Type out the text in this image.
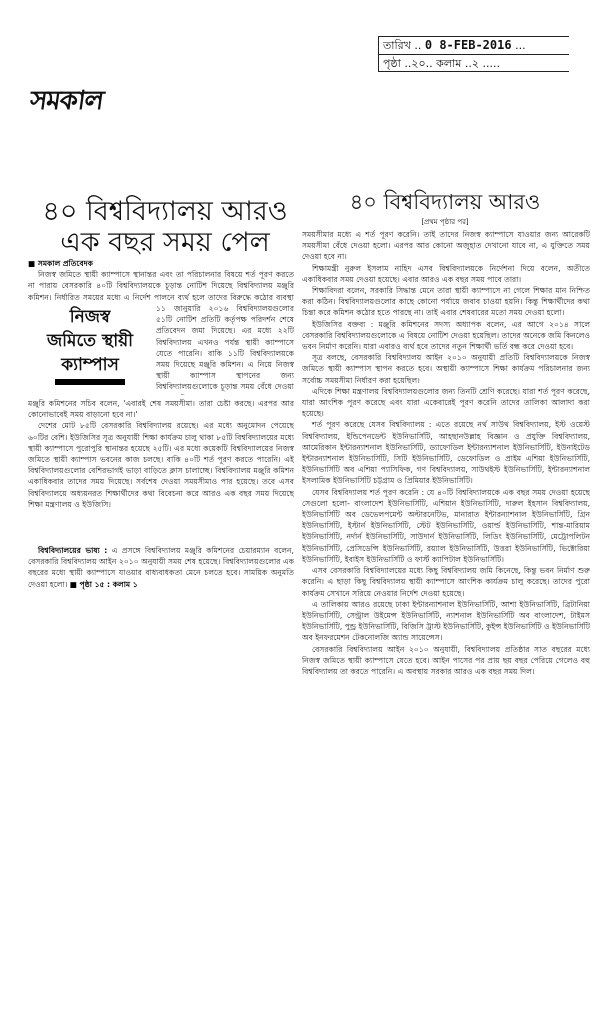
তারিখ .. 0 8-FEB-2016 ...
পৃষ্ঠা ..২০.. কলাম ..২ .....
সমকাল
৪০ বিশ্ববিদ্যালয় আরও
এক বছর সময় পেল

■ সমকাল প্রতিবেদক

নিজস্ব জমিতে স্থায়ী ক্যাম্পাসে স্থানান্তর এবং তা পরিচালনার বিষয়ে শর্ত পূরণ করতে না পারায় বেসরকারি ৪০টি বিশ্ববিদ্যালয়কে চূড়ান্ত নোটিশ দিয়েছে বিশ্ববিদ্যালয় মঞ্জুরি কমিশন। নির্ধারিত সময়ের মধ্যে এ নির্দেশ পালনে ব্যর্থ হলে তাদের বিরুদ্ধে কঠোর ব্যবস্থা

নিজস্ব
জমিতে স্থায়ী
ক্যাম্পাস

১১ জানুয়ারি ২০১৬ বিশ্ববিদ্যালয়গুলোর ৫১টি নোটিশ প্রতিটি কর্তৃপক্ষ পরিদর্শন শেষে প্রতিবেদন জমা দিয়েছে। এর মধ্যে ২২টি বিশ্ববিদ্যালয় এখনও পর্যন্ত স্থায়ী ক্যাম্পাসে যেতে পারেনি। বাকি ১১টি বিশ্ববিদ্যালয়কে সময় দিয়েছে মঞ্জুরি কমিশন। এ নিয়ে নিজস্ব স্থায়ী ক্যাম্পাস স্থাপনের জন্য বিশ্ববিদ্যালয়গুলোকে চূড়ান্ত সময় বেঁধে দেওয়া

মঞ্জুরি কমিশনের সচিব বলেন, 'এবারই শেষ সময়সীমা। তারা চেষ্টা করছে। এরপর আর কোনোভাবেই সময় বাড়ানো হবে না।'

দেশের মোট ৮৫টি বেসরকারি বিশ্ববিদ্যালয় রয়েছে। এর মধ্যে অনুমোদন পেয়েছে ৬০টির বেশি। ইউজিসির সূত্র অনুযায়ী শিক্ষা কার্যক্রম চালু থাকা ৮৫টি বিশ্ববিদ্যালয়ের মধ্যে স্থায়ী ক্যাম্পাসে পুরোপুরি স্থানান্তর হয়েছে ২৫টি। এর মধ্যে কয়েকটি বিশ্ববিদ্যালয়ের নিজস্ব জমিতে স্থায়ী ক্যাম্পাস ভবনের কাজ চলছে। বাকি ৪০টি শর্ত পূরণ করতে পারেনি। এই বিশ্ববিদ্যালয়গুলোর বেশিরভাগই ভাড়া বাড়িতে ক্লাস চালাচ্ছে। বিশ্ববিদ্যালয় মঞ্জুরি কমিশন একাধিকবার তাদের সময় দিয়েছে। সর্বশেষ দেওয়া সময়সীমাও পার হয়েছে। তবে এসব বিশ্ববিদ্যালয়ে অধ্যয়নরত শিক্ষার্থীদের কথা বিবেচনা করে আরও এক বছর সময় দিয়েছে শিক্ষা মন্ত্রণালয় ও ইউজিসি।

বিশ্ববিদ্যালয়ের ভাষ্য : এ প্রসঙ্গে বিশ্ববিদ্যালয় মঞ্জুরি কমিশনের চেয়ারম্যান বলেন, বেসরকারি বিশ্ববিদ্যালয় আইন ২০১০ অনুযায়ী সময় শেষ হয়েছে। বিশ্ববিদ্যালয়গুলোর এক বছরের মধ্যে স্থায়ী ক্যাম্পাসে যাওয়ার বাধ্যবাধকতা মেনে চলতে হবে। সাময়িক অনুমতি দেওয়া হলো। ■ পৃষ্ঠা ১৫ : কলাম ১

৪০ বিশ্ববিদ্যালয় আরও
[প্রথম পৃষ্ঠার পর]

সময়সীমার মধ্যে এ শর্ত পূরণ করেনি। তাই তাদের নিজস্ব ক্যাম্পাসে যাওয়ার জন্য আরেকটি সময়সীমা বেঁধে দেওয়া হলো। এরপর আর কোনো অজুহাত দেখানো যাবে না, এ যুক্তিতে সময় দেওয়া হবে না।

শিক্ষামন্ত্রী নুরুল ইসলাম নাহিদ এসব বিশ্ববিদ্যালয়কে নির্দেশনা দিয়ে বলেন, অতীতে একাধিকবার সময় দেওয়া হয়েছে। এবার আরও এক বছর সময় পাবে তারা।

শিক্ষাবিদরা বলেন, সরকারি সিদ্ধান্ত মেনে তারা স্থায়ী ক্যাম্পাসে না গেলে শিক্ষার মান নিশ্চিত করা কঠিন। বিশ্ববিদ্যালয়গুলোর কাছে কোনো পর্যায়ে জবাব চাওয়া হয়নি। কিন্তু শিক্ষার্থীদের কথা চিন্তা করে কমিশন কঠোর হতে পারছে না। তাই এবার শেষবারের মতো সময় দেওয়া হলো।

ইউজিসির বক্তব্য : মঞ্জুরি কমিশনের সদস্য অধ্যাপক বলেন, এর আগে ২০১৪ সালে বেসরকারি বিশ্ববিদ্যালয়গুলোকে এ বিষয়ে নোটিশ দেওয়া হয়েছিল। তাদের অনেকে জমি কিনলেও ভবন নির্মাণ করেনি। যারা এবারও ব্যর্থ হবে তাদের নতুন শিক্ষার্থী ভর্তি বন্ধ করে দেওয়া হবে।

সূত্র বলছে, বেসরকারি বিশ্ববিদ্যালয় আইন ২০১০ অনুযায়ী প্রতিটি বিশ্ববিদ্যালয়কে নিজস্ব জমিতে স্থায়ী ক্যাম্পাস স্থাপন করতে হবে। অস্থায়ী ক্যাম্পাসে শিক্ষা কার্যক্রম পরিচালনার জন্য সর্বোচ্চ সময়সীমা নির্ধারণ করা হয়েছিল।

এদিকে শিক্ষা মন্ত্রণালয় বিশ্ববিদ্যালয়গুলোর জন্য তিনটি শ্রেণি করেছে। যারা শর্ত পূরণ করেছে, যারা আংশিক পূরণ করেছে এবং যারা একেবারেই পূরণ করেনি তাদের তালিকা আলাদা করা হয়েছে।

শর্ত পূরণ করেছে যেসব বিশ্ববিদ্যালয় : এতে রয়েছে নর্থ সাউথ বিশ্ববিদ্যালয়, ইস্ট ওয়েস্ট বিশ্ববিদ্যালয়, ইন্ডিপেনডেন্ট ইউনিভার্সিটি, আহছানউল্লাহ বিজ্ঞান ও প্রযুক্তি বিশ্ববিদ্যালয়, আমেরিকান ইন্টারন্যাশনাল ইউনিভার্সিটি, ড্যাফোডিল ইন্টারন্যাশনাল ইউনিভার্সিটি, ইউনাইটেড ইন্টারন্যাশনাল ইউনিভার্সিটি, সিটি ইউনিভার্সিটি, ডেফোডিল ও প্রাইম এশিয়া ইউনিভার্সিটি, ইউনিভার্সিটি অব এশিয়া প্যাসিফিক, গণ বিশ্ববিদ্যালয়, সাউথইস্ট ইউনিভার্সিটি, ইন্টারন্যাশনাল ইসলামিক ইউনিভার্সিটি চট্টগ্রাম ও প্রিমিয়ার ইউনিভার্সিটি।

যেসব বিশ্ববিদ্যালয় শর্ত পূরণ করেনি : যে ৪০টি বিশ্ববিদ্যালয়কে এক বছর সময় দেওয়া হয়েছে সেগুলো হলো- বাংলাদেশ ইউনিভার্সিটি, এশিয়ান ইউনিভার্সিটি, দারুল ইহসান বিশ্ববিদ্যালয়, ইউনিভার্সিটি অব ডেভেলপমেন্ট অল্টারনেটিভ, মানারাত ইন্টারন্যাশনাল ইউনিভার্সিটি, গ্রিন ইউনিভার্সিটি, ইস্টার্ন ইউনিভার্সিটি, স্টেট ইউনিভার্সিটি, ওয়ার্ল্ড ইউনিভার্সিটি, শান্ত-মারিয়াম ইউনিভার্সিটি, নর্দার্ন ইউনিভার্সিটি, সাউদার্ন ইউনিভার্সিটি, লিডিং ইউনিভার্সিটি, মেট্রোপলিটন ইউনিভার্সিটি, প্রেসিডেন্সি ইউনিভার্সিটি, রয়্যাল ইউনিভার্সিটি, উত্তরা ইউনিভার্সিটি, ভিক্টোরিয়া ইউনিভার্সিটি, ইবাইস ইউনিভার্সিটি ও ফার্স্ট ক্যাপিটাল ইউনিভার্সিটি।

এসব বেসরকারি বিশ্ববিদ্যালয়ের মধ্যে কিছু বিশ্ববিদ্যালয় জমি কিনেছে, কিন্তু ভবন নির্মাণ শুরু করেনি। এ ছাড়া কিছু বিশ্ববিদ্যালয় স্থায়ী ক্যাম্পাসে আংশিক কার্যক্রম চালু করেছে। তাদের পুরো কার্যক্রম সেখানে সরিয়ে নেওয়ার নির্দেশ দেওয়া হয়েছে।

এ তালিকায় আরও রয়েছে ঢাকা ইন্টারন্যাশনাল ইউনিভার্সিটি, আশা ইউনিভার্সিটি, ব্রিটানিয়া ইউনিভার্সিটি, সেন্ট্রাল উইমেন্স ইউনিভার্সিটি, ন্যাশনাল ইউনিভার্সিটি অব বাংলাদেশ, টাইমস ইউনিভার্সিটি, পুন্ড্র ইউনিভার্সিটি, বিজিসি ট্রাস্ট ইউনিভার্সিটি, কুইন্স ইউনিভার্সিটি ও ইউনিভার্সিটি অব ইনফরমেশন টেকনোলজি অ্যান্ড সায়েন্সেস।

বেসরকারি বিশ্ববিদ্যালয় আইন ২০১০ অনুযায়ী, বিশ্ববিদ্যালয় প্রতিষ্ঠার সাত বছরের মধ্যে নিজস্ব জমিতে স্থায়ী ক্যাম্পাসে যেতে হবে। আইন পাসের পর প্রায় ছয় বছর পেরিয়ে গেলেও বহু বিশ্ববিদ্যালয় তা করতে পারেনি। এ অবস্থায় সরকার আরও এক বছর সময় দিল।
